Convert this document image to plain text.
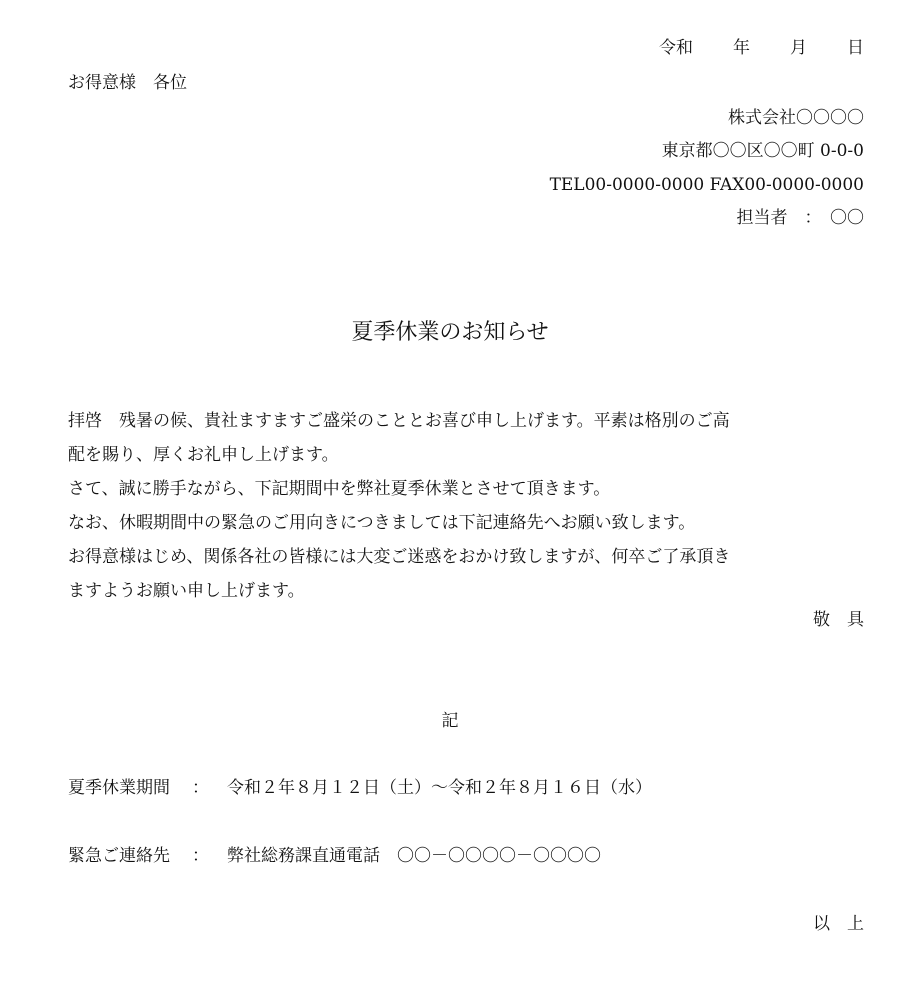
令和 年 月 日
お得意様　各位
株式会社〇〇〇〇
東京都〇〇区〇〇町 0-0-0
TEL00-0000-0000 FAX00-0000-0000
担当者　：　〇〇
夏季休業のお知らせ
拝啓　残暑の候、貴社ますますご盛栄のこととお喜び申し上げます。平素は格別のご高
配を賜り、厚くお礼申し上げます。
さて、誠に勝手ながら、下記期間中を弊社夏季休業とさせて頂きます。
なお、休暇期間中の緊急のご用向きにつきましては下記連絡先へお願い致します。
お得意様はじめ、関係各社の皆様には大変ご迷惑をおかけ致しますが、何卒ご了承頂き
ますようお願い申し上げます。
敬　具
記
夏季休業期間 ： 令和２年８月１２日（土）～令和２年８月１６日（水）
緊急ご連絡先 ： 弊社総務課直通電話　〇〇－〇〇〇〇－〇〇〇〇
以　上
